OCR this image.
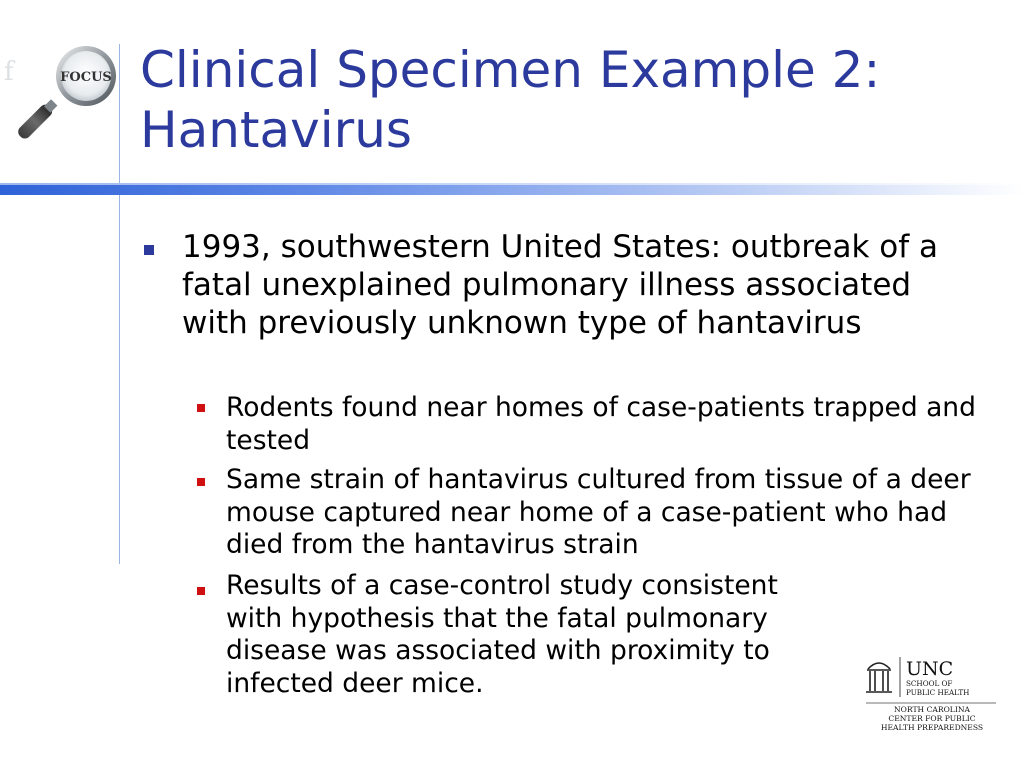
f	FOCUS Clinical Specimen Example 2: Hantavirus
1993, southwestern United States: outbreak of a fatal unexplained pulmonary illness associated with previously unknown type of hantavirus
Rodents found near homes of case-patients trapped and tested
Same strain of hantavirus cultured from tissue of a deer mouse captured near home of a case-patient who had died from the hantavirus strain
Results of a case-control study consistent with hypothesis that the fatal pulmonary disease was associated with proximity to infected deer mice.	UNC
SCHOOL OF
PUBLIC HEALTH
NORTH CAROLINA
CENTER FOR PUBLIC
HEALTH PREPAREDNESS
